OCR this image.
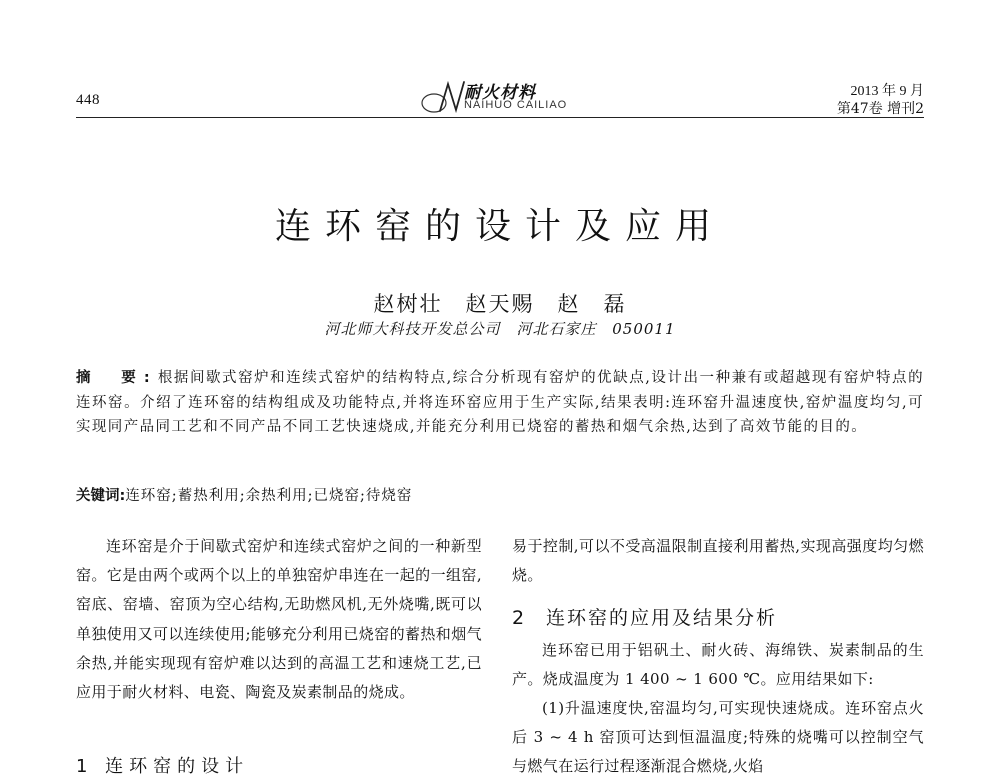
448	耐火材料
NAIHUO CAILIAO
2013 年 9 月
第47卷 增刊2
连环窑的设计及应用
赵树壮　赵天赐　赵　磊
河北师大科技开发总公司　河北石家庄 050011
摘　要:根据间歇式窑炉和连续式窑炉的结构特点,综合分析现有窑炉的优缺点,设计出一种兼有或超越现有窑炉特点的连环窑。介绍了连环窑的结构组成及功能特点,并将连环窑应用于生产实际,结果表明:连环窑升温速度快,窑炉温度均匀,可实现同产品同工艺和不同产品不同工艺快速烧成,并能充分利用已烧窑的蓄热和烟气余热,达到了高效节能的目的。
关键词:连环窑;蓄热利用;余热利用;已烧窑;待烧窑

连环窑是介于间歇式窑炉和连续式窑炉之间的一种新型窑。它是由两个或两个以上的单独窑炉串连在一起的一组窑,窑底、窑墙、窑顶为空心结构,无助燃风机,无外烧嘴,既可以单独使用又可以连续使用;能够充分利用已烧窑的蓄热和烟气余热,并能实现现有窑炉难以达到的高温工艺和速烧工艺,已应用于耐火材料、电瓷、陶瓷及炭素制品的烧成。

1 连环窑的设计

易于控制,可以不受高温限制直接利用蓄热,实现高强度均匀燃烧。

2 连环窑的应用及结果分析

连环窑已用于铝矾土、耐火砖、海绵铁、炭素制品的生产。烧成温度为 1 400 ~ 1 600 ℃。应用结果如下:

(1)升温速度快,窑温均匀,可实现快速烧成。连环窑点火后 3 ~ 4 h 窑顶可达到恒温温度;特殊的烧嘴可以控制空气与燃气在运行过程逐渐混合燃烧,火焰
